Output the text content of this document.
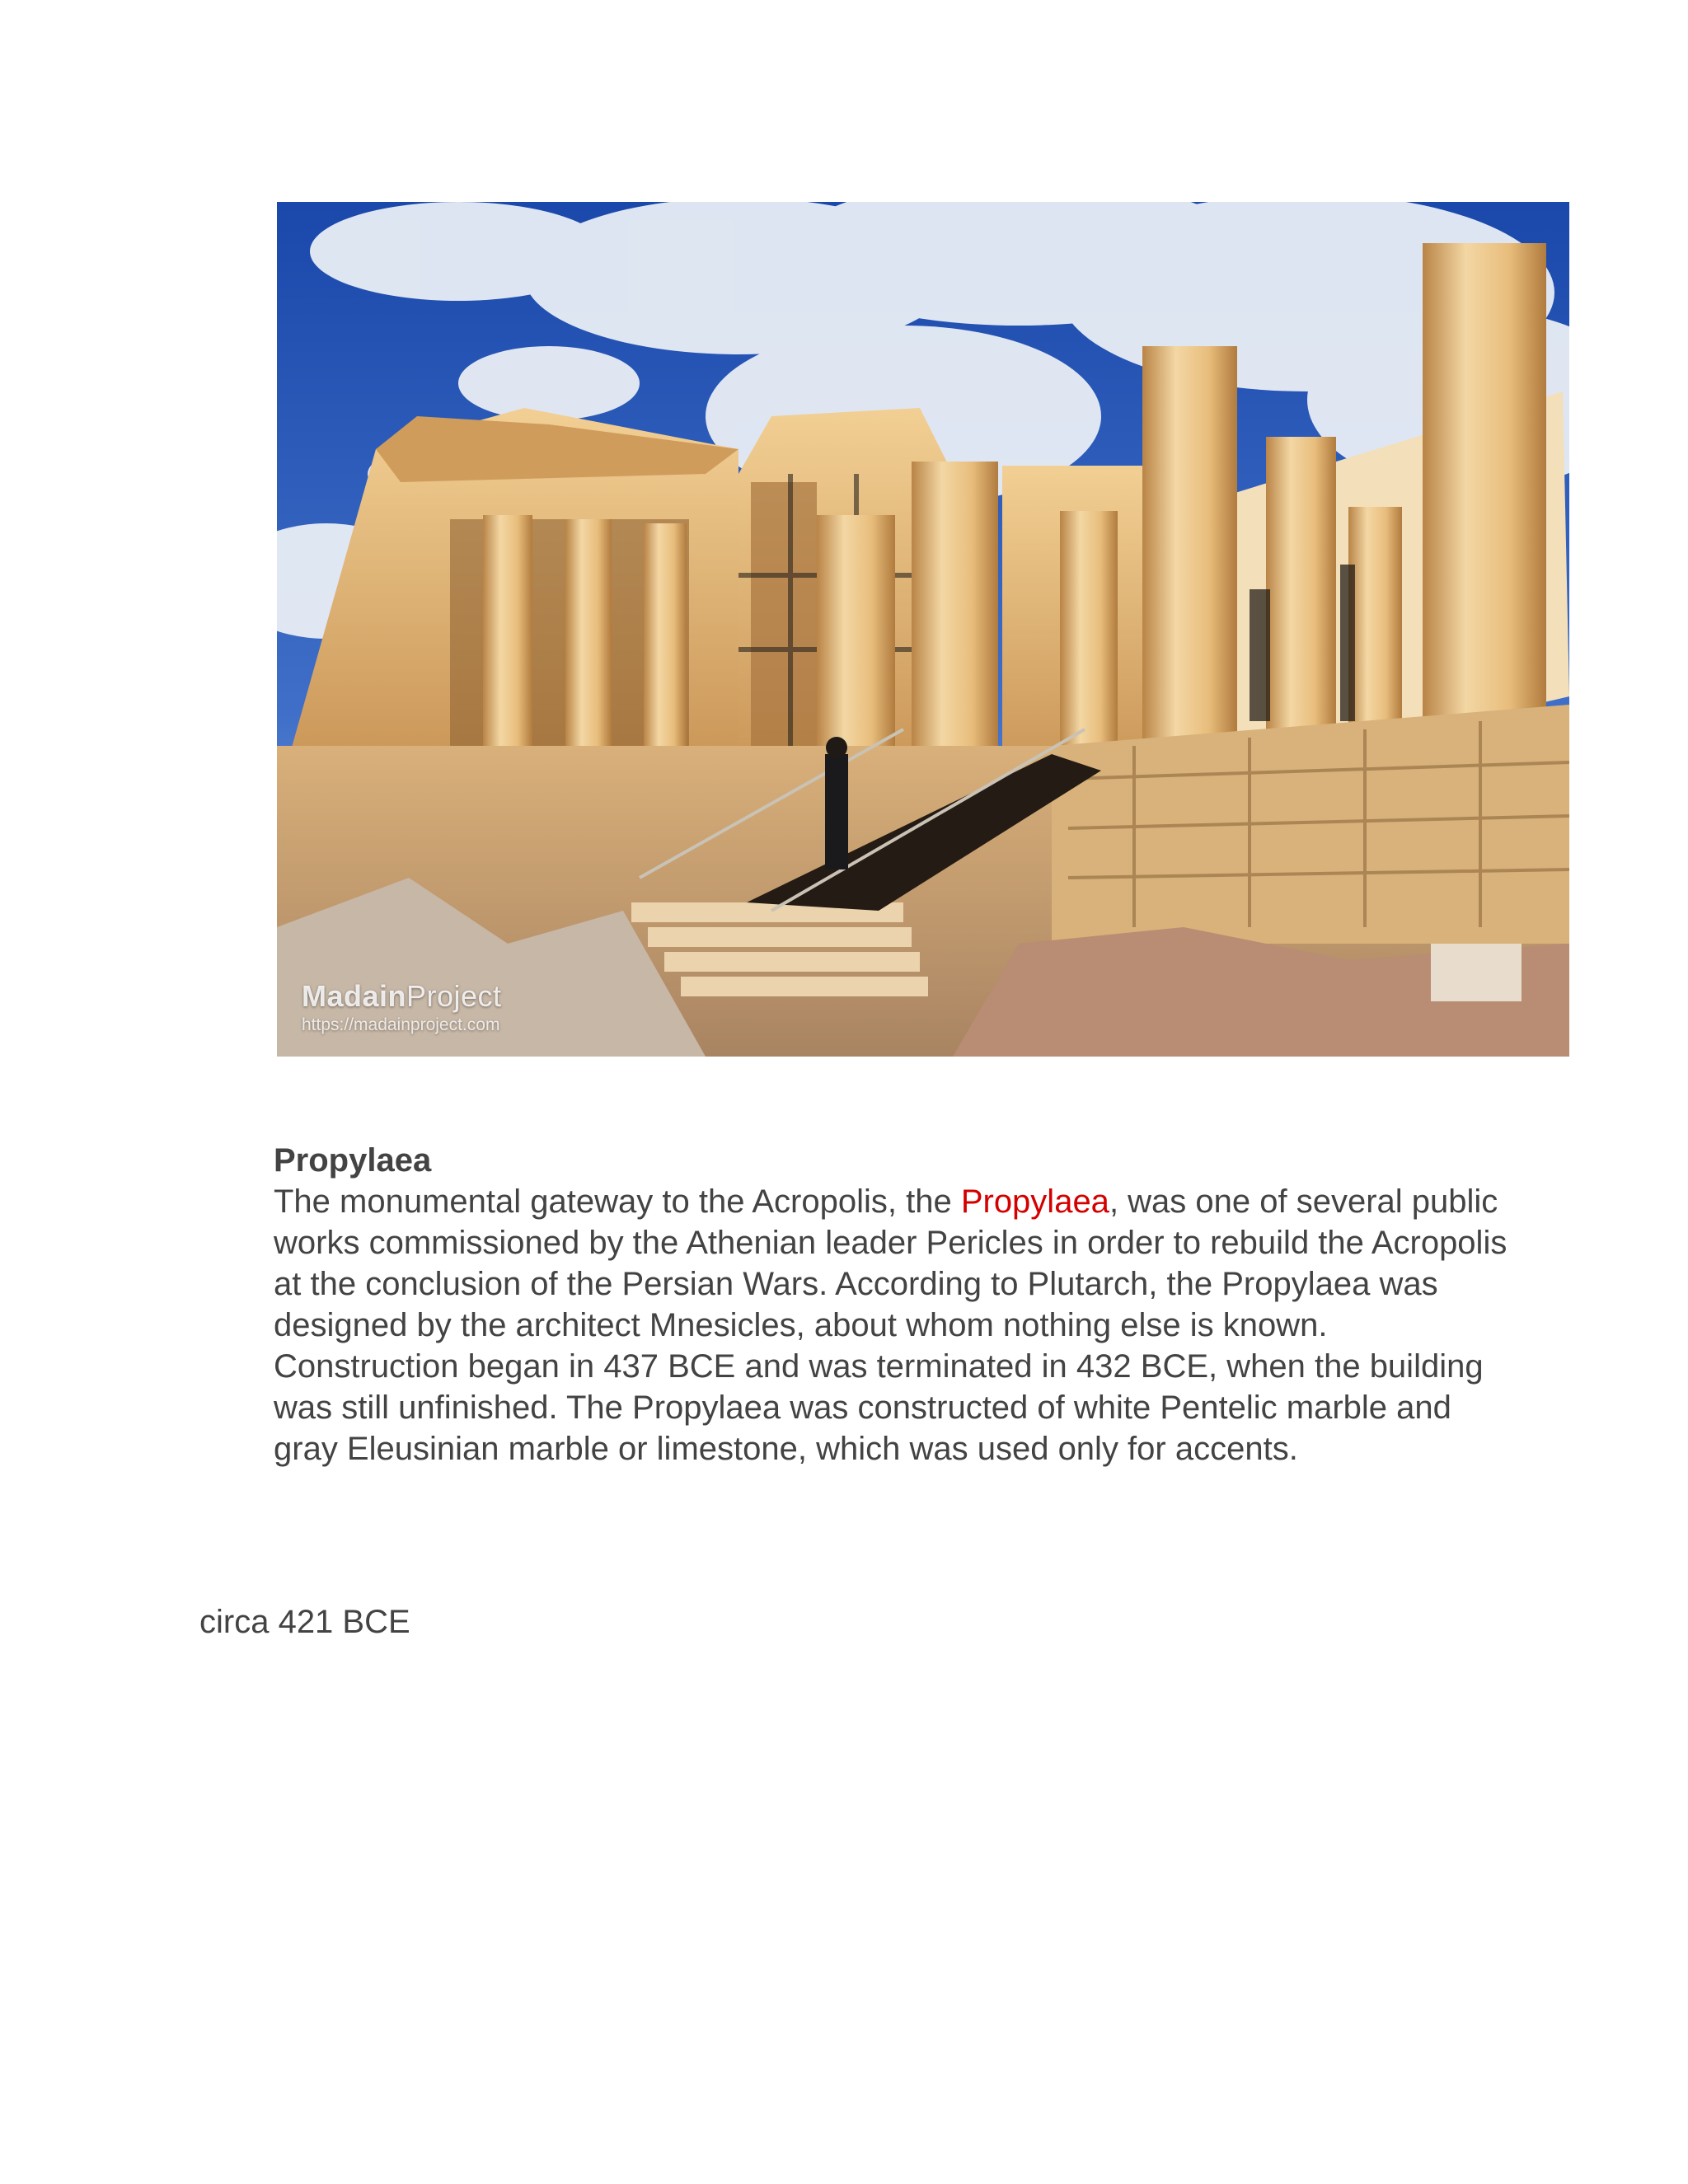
MadainProject
https://madainproject.com
Propylaea
The monumental gateway to the Acropolis, the Propylaea, was one of several public works commissioned by the Athenian leader Pericles in order to rebuild the Acropolis at the conclusion of the Persian Wars. According to Plutarch, the Propylaea was designed by the architect Mnesicles, about whom nothing else is known. Construction began in 437 BCE and was terminated in 432 BCE, when the building was still unfinished. The Propylaea was constructed of white Pentelic marble and gray Eleusinian marble or limestone, which was used only for accents.
circa 421 BCE
